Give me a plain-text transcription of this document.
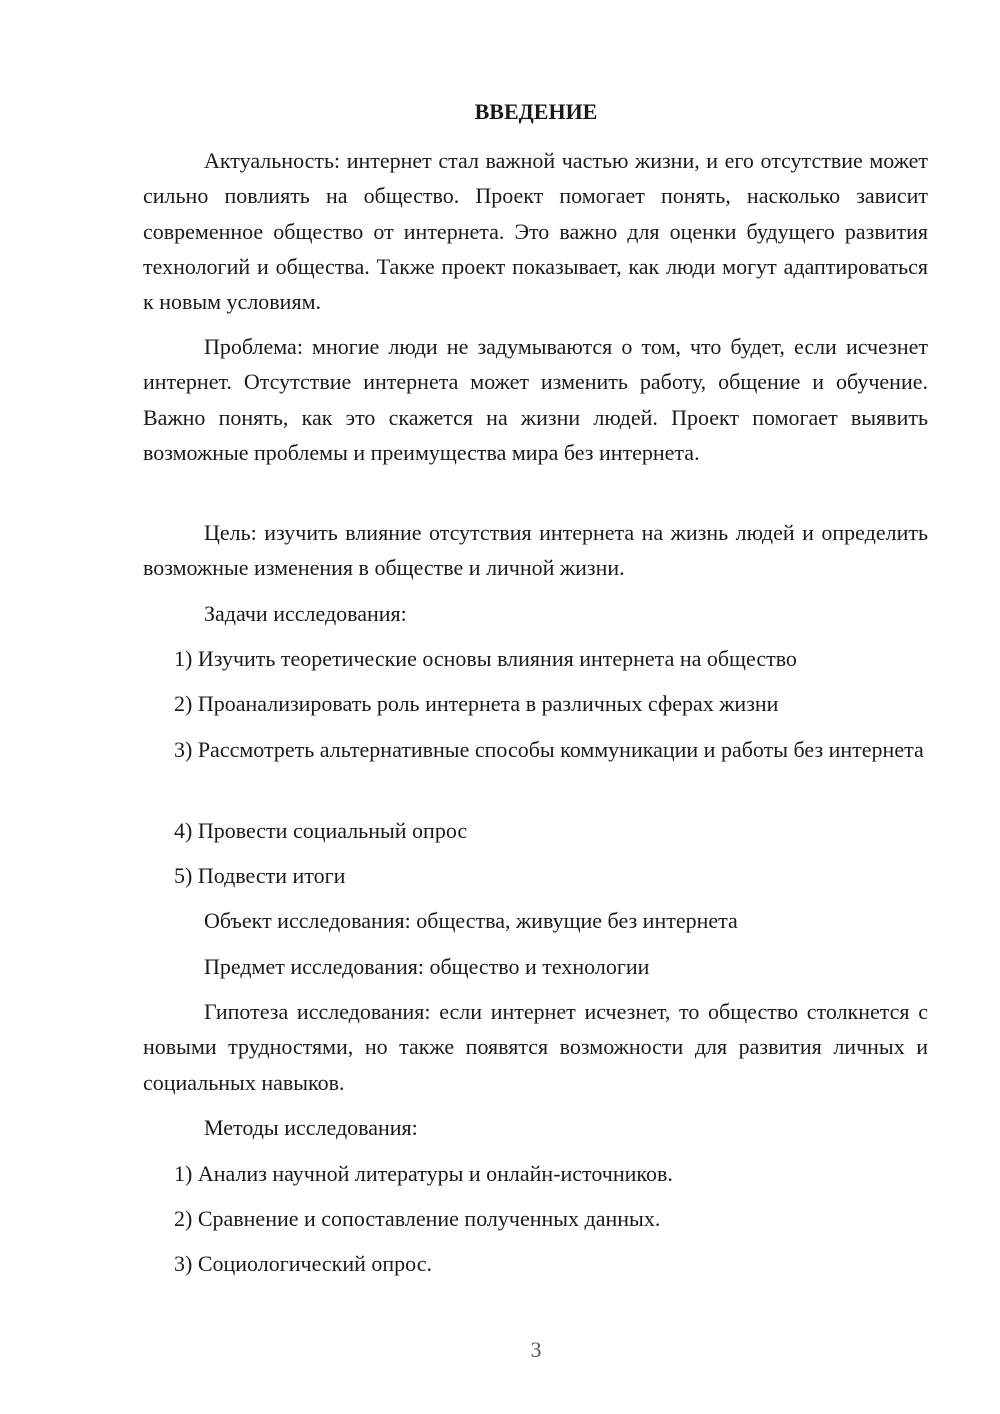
ВВЕДЕНИЕ
Актуальность: интернет стал важной частью жизни, и его отсутствие может сильно повлиять на общество. Проект помогает понять, насколько зависит современное общество от интернета. Это важно для оценки будущего развития технологий и общества. Также проект показывает, как люди могут адаптироваться к новым условиям.
Проблема: многие люди не задумываются о том, что будет, если исчезнет интернет. Отсутствие интернета может изменить работу, общение и обучение. Важно понять, как это скажется на жизни людей. Проект помогает выявить возможные проблемы и преимущества мира без интернета.
Цель: изучить влияние отсутствия интернета на жизнь людей и определить возможные изменения в обществе и личной жизни.
Задачи исследования:
1) Изучить теоретические основы влияния интернета на общество
2) Проанализировать роль интернета в различных сферах жизни
3) Рассмотреть альтернативные способы коммуникации и работы без интернета
4) Провести социальный опрос
5) Подвести итоги
Объект исследования: общества, живущие без интернета
Предмет исследования: общество и технологии
Гипотеза исследования: если интернет исчезнет, то общество столкнется с новыми трудностями, но также появятся возможности для развития личных и социальных навыков.
Методы исследования:
1) Анализ научной литературы и онлайн-источников.
2) Сравнение и сопоставление полученных данных.
3) Социологический опрос.
3
